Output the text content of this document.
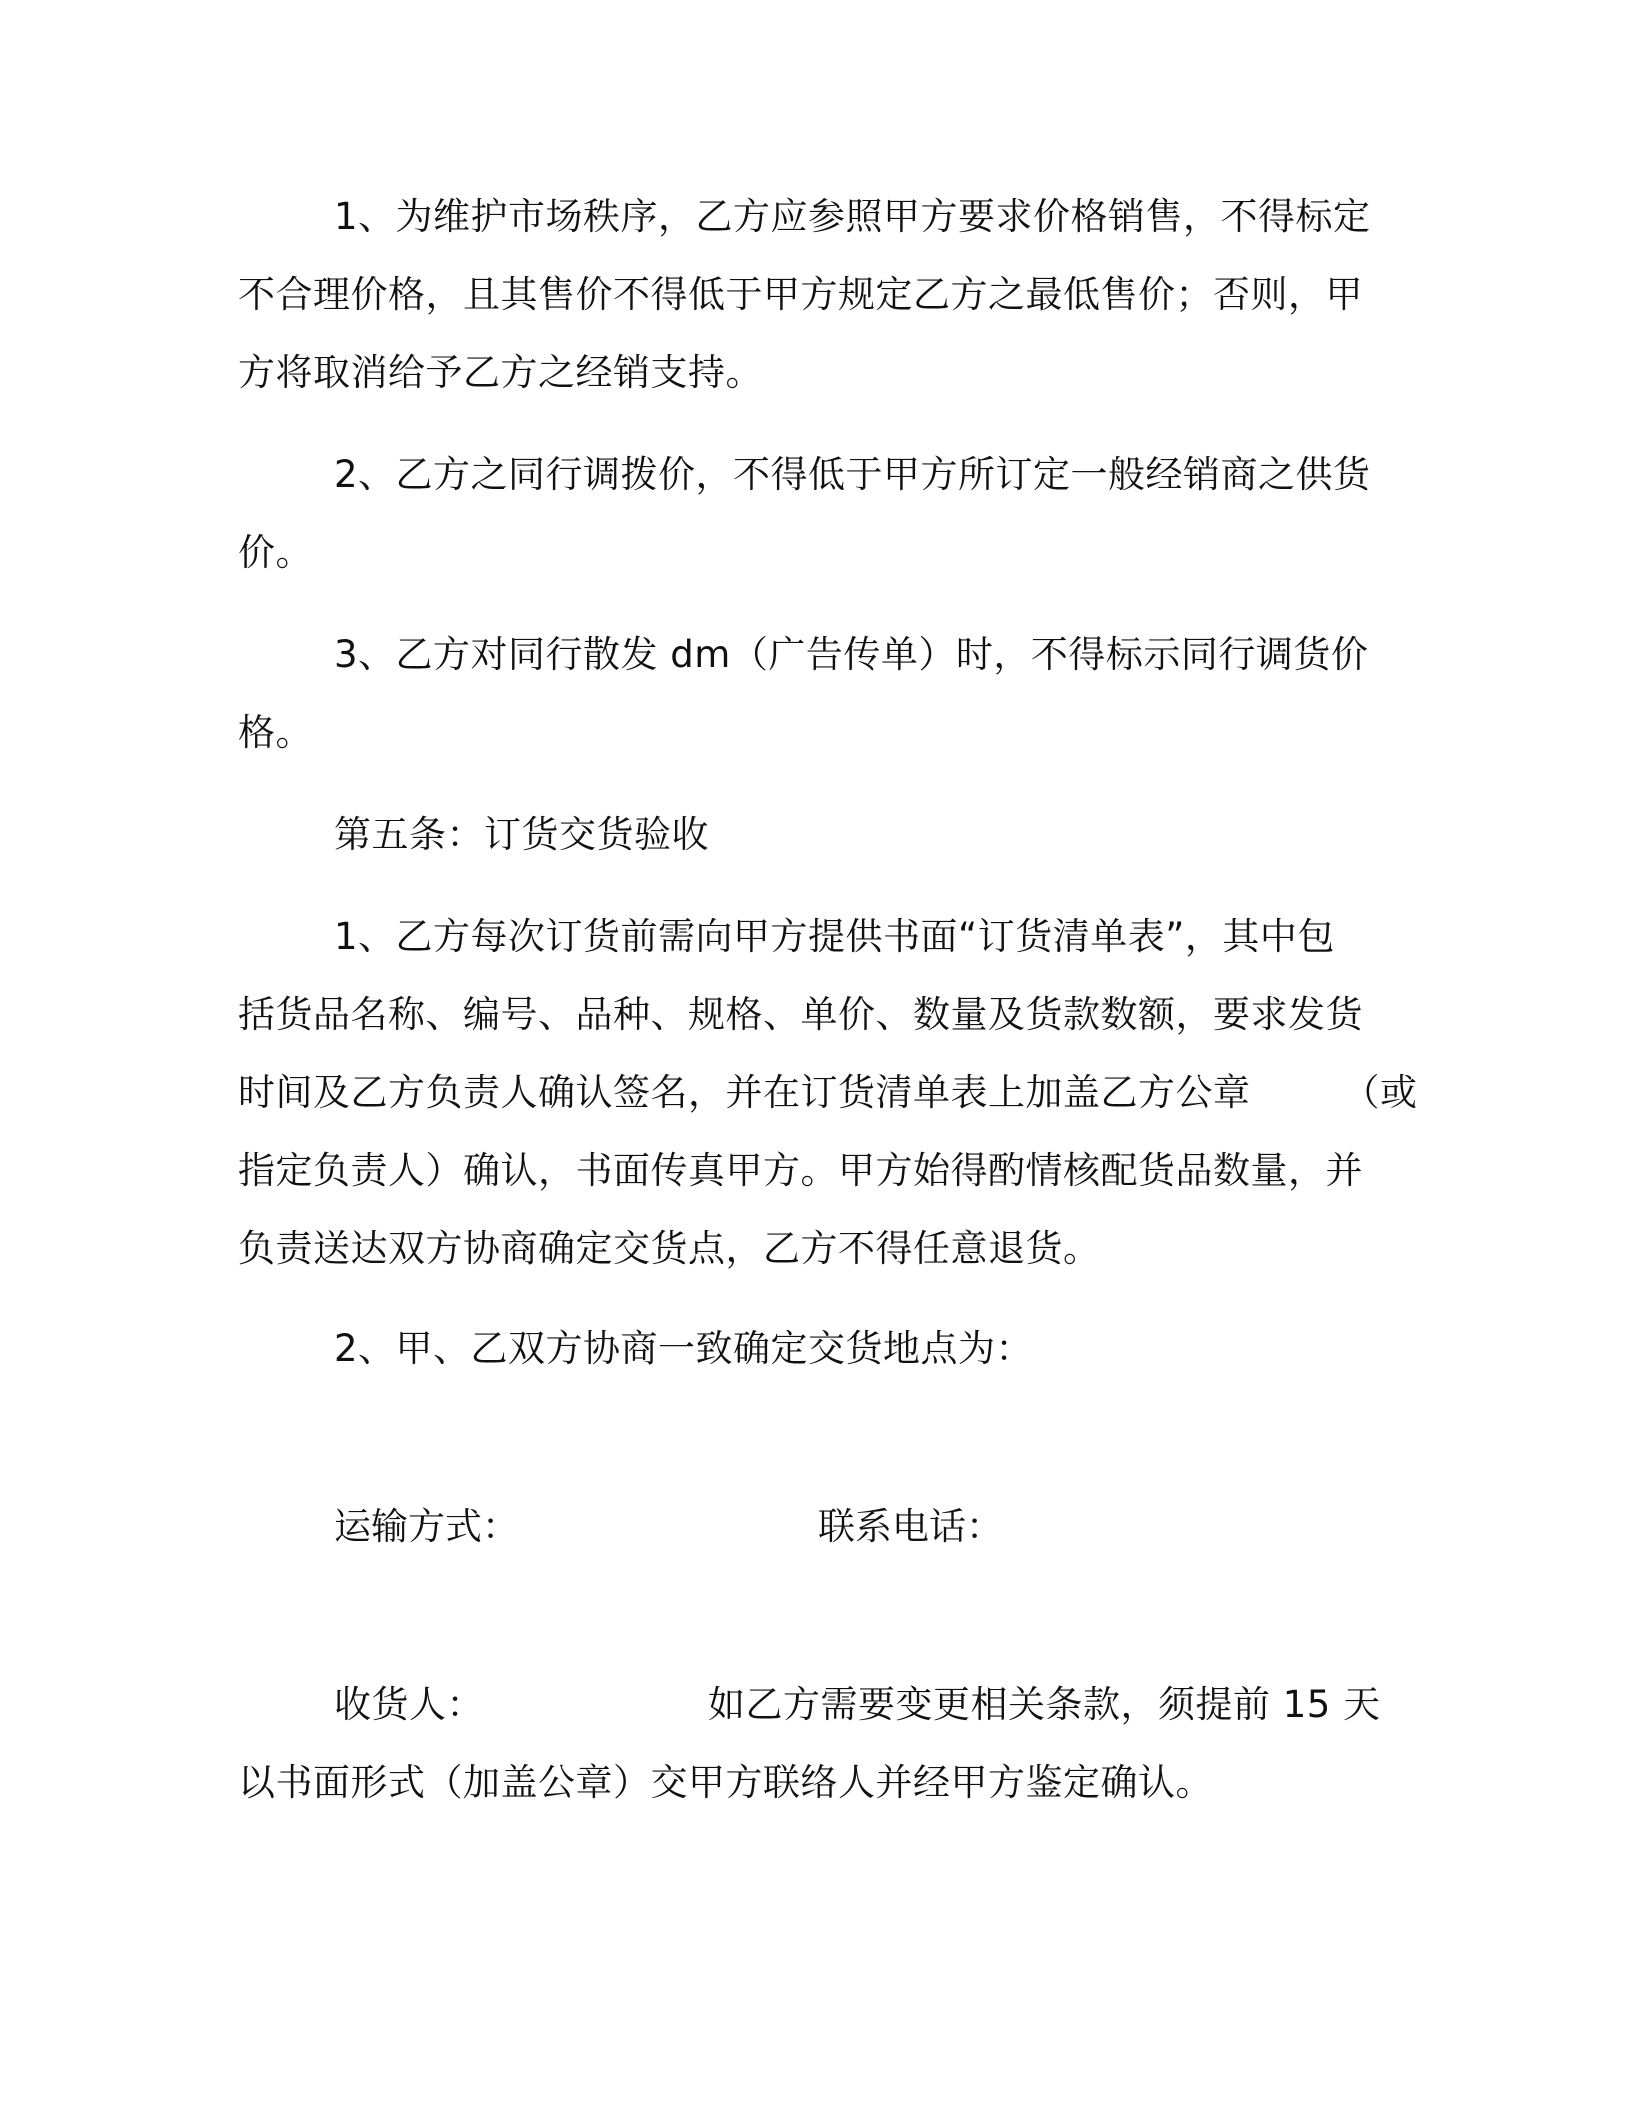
1、为维护市场秩序，乙方应参照甲方要求价格销售，不得标定
不合理价格，且其售价不得低于甲方规定乙方之最低售价；否则，甲
方将取消给予乙方之经销支持。
2、乙方之同行调拨价，不得低于甲方所订定一般经销商之供货
价。
3、乙方对同行散发 dm（广告传单）时，不得标示同行调货价
格。
第五条：订货交货验收
1、乙方每次订货前需向甲方提供书面“订货清单表”，其中包
括货品名称、编号、品种、规格、单价、数量及货款数额，要求发货
时间及乙方负责人确认签名，并在订货清单表上加盖乙方公章 （或
指定负责人）确认，书面传真甲方。甲方始得酌情核配货品数量，并
负责送达双方协商确定交货点，乙方不得任意退货。
2、甲、乙双方协商一致确定交货地点为：
运输方式：	联系电话：
收货人：	如乙方需要变更相关条款，须提前 15 天
以书面形式（加盖公章）交甲方联络人并经甲方鉴定确认。
